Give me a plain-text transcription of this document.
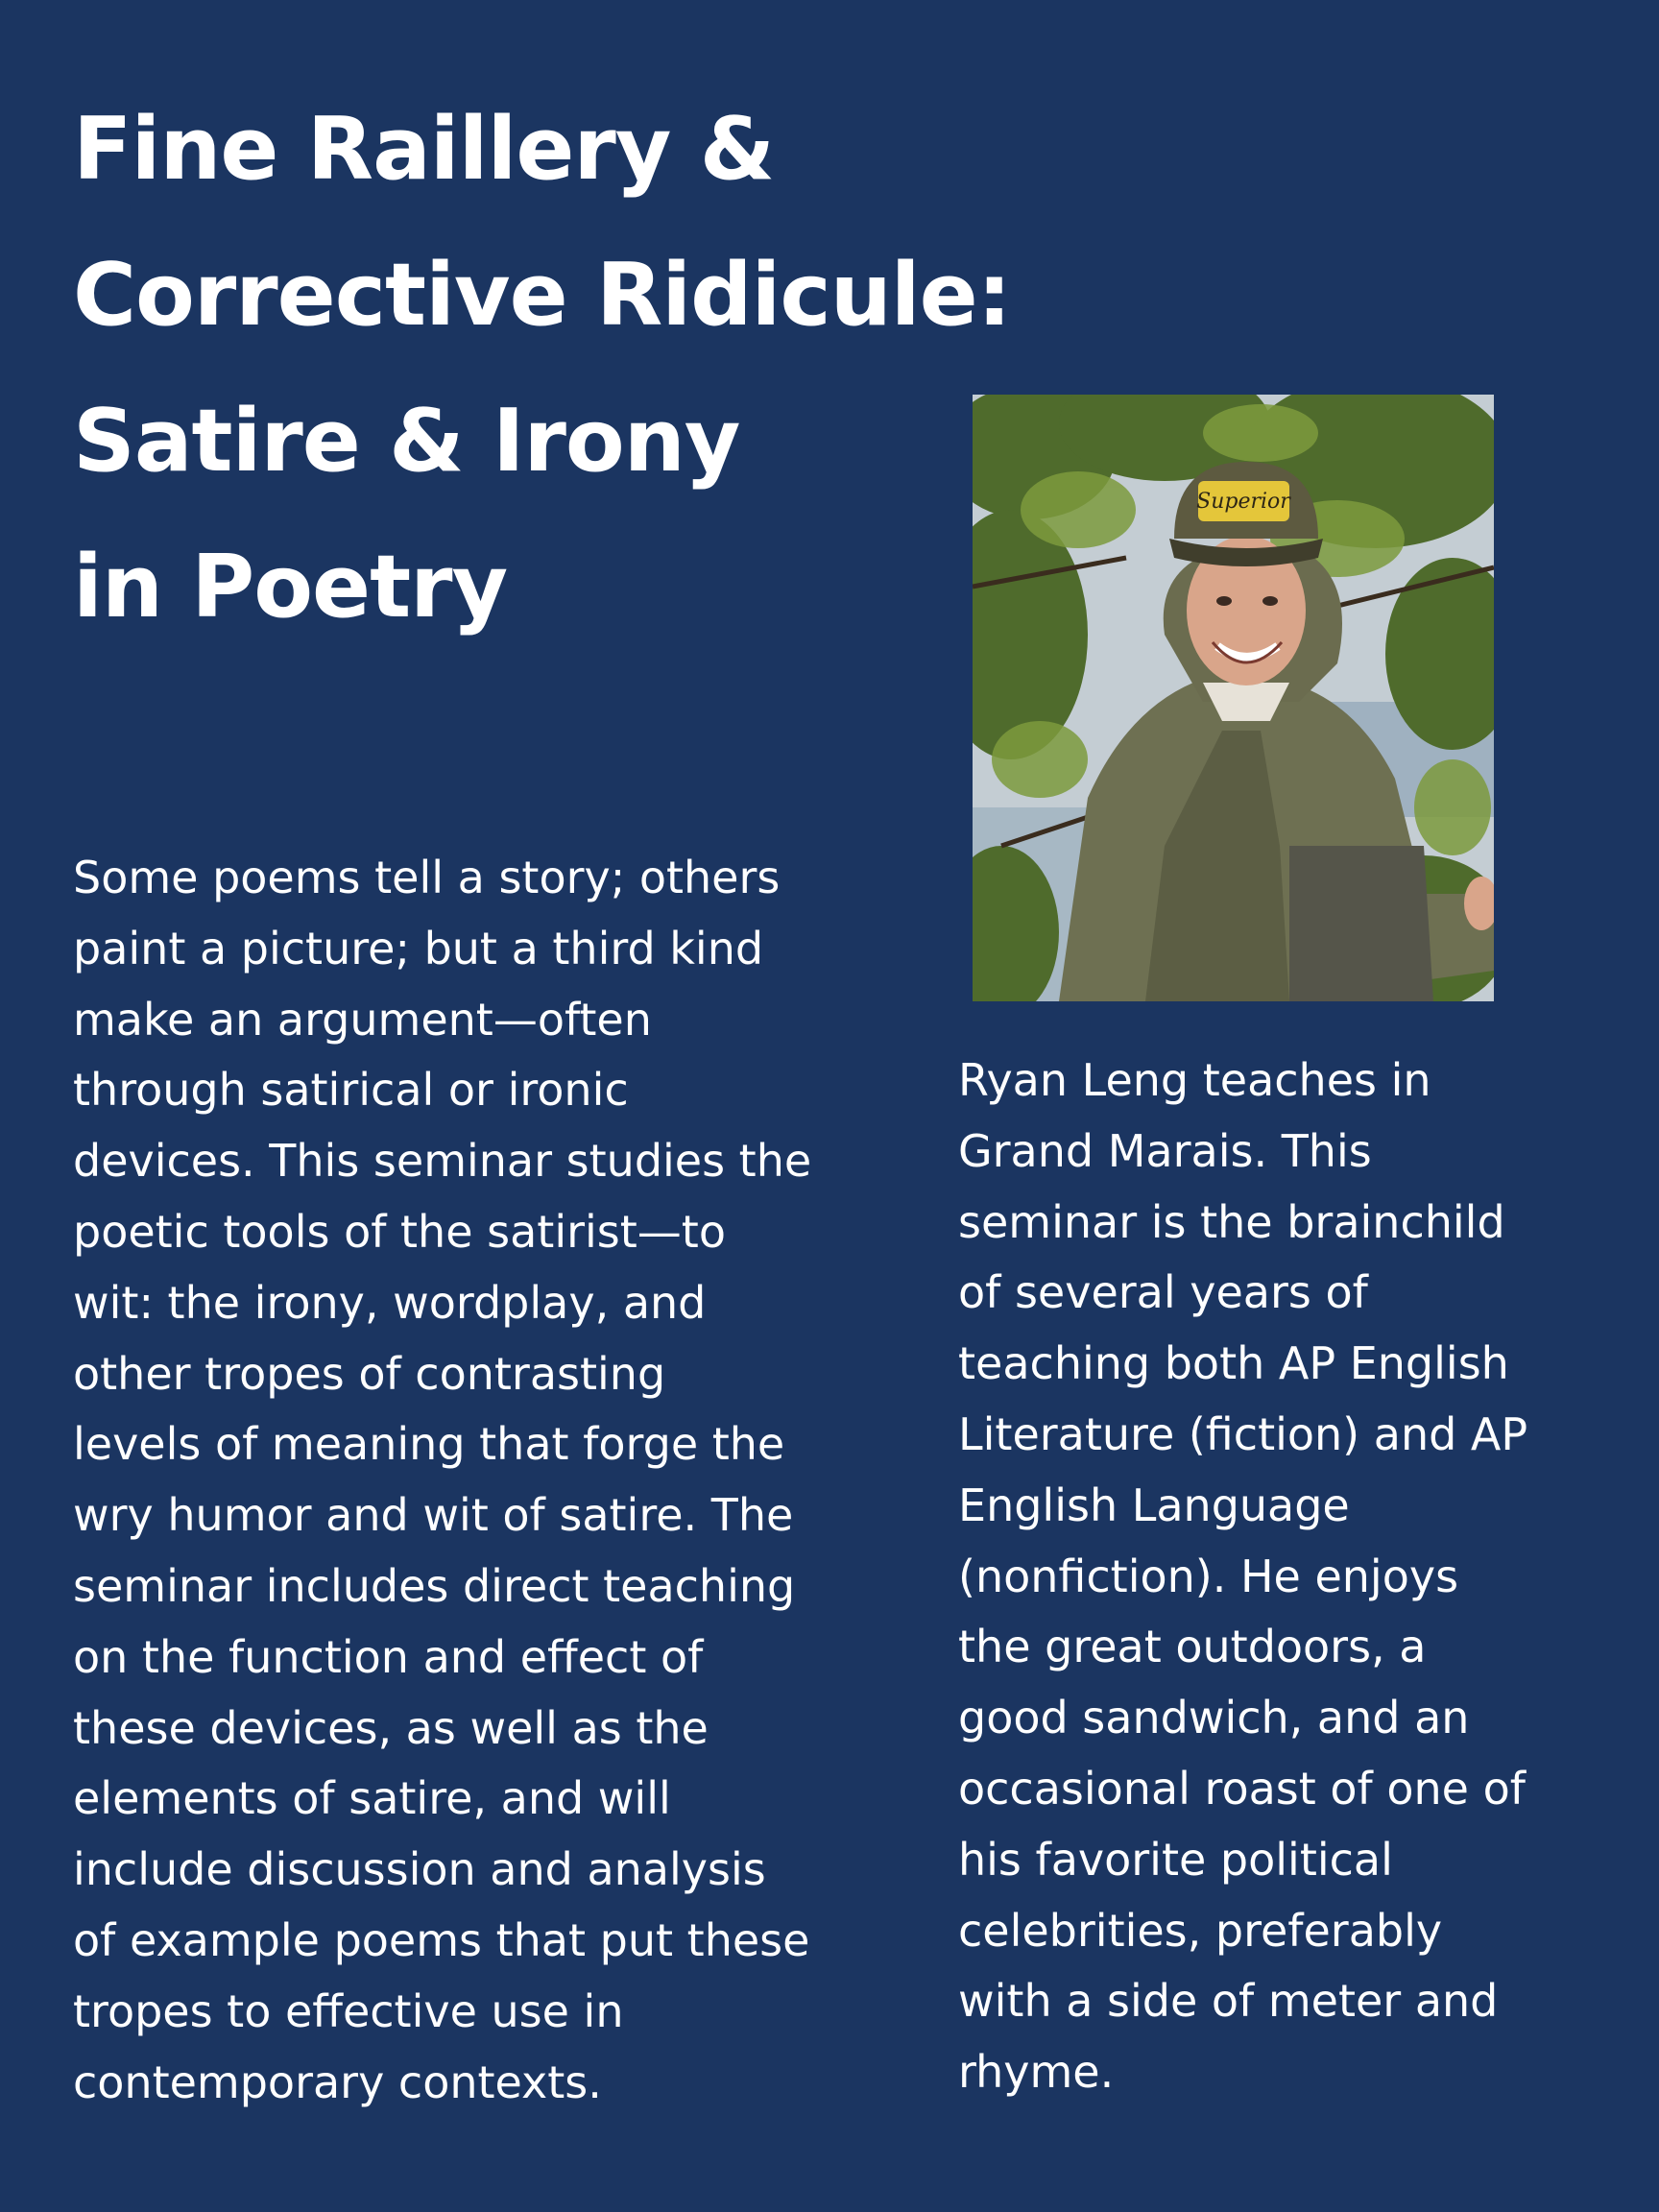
Fine Raillery &
Corrective Ridicule:
Satire & Irony
in Poetry
Superior
Some poems tell a story; others
paint a picture; but a third kind
make an argument—often
through satirical or ironic
devices. This seminar studies the
poetic tools of the satirist—to
wit: the irony, wordplay, and
other tropes of contrasting
levels of meaning that forge the
wry humor and wit of satire. The
seminar includes direct teaching
on the function and effect of
these devices, as well as the
elements of satire, and will
include discussion and analysis
of example poems that put these
tropes to effective use in
contemporary contexts.
Ryan Leng teaches in
Grand Marais. This
seminar is the brainchild
of several years of
teaching both AP English
Literature (fiction) and AP
English Language
(nonfiction). He enjoys
the great outdoors, a
good sandwich, and an
occasional roast of one of
his favorite political
celebrities, preferably
with a side of meter and
rhyme.
